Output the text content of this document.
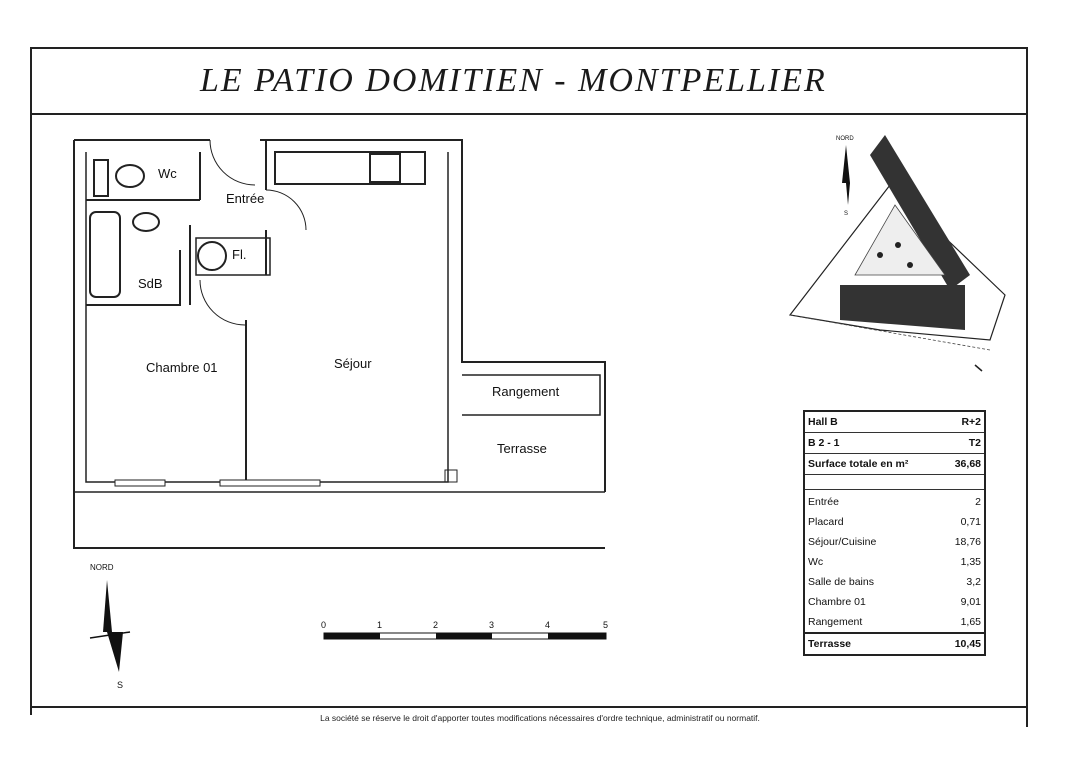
LE PATIO DOMITIEN - MONTPELLIER
Wc
Entrée
SdB
Fl.
Chambre 01	Séjour
Rangement
Terrasse
NORD
S
0	1	2	3	4	5
NORD
S
Hall B	R+2
B 2 - 1	T2
Surface totale en m²	36,68
Entrée	2
Placard	0,71
Séjour/Cuisine	18,76
Wc	1,35
Salle de bains	3,2
Chambre 01	9,01
Rangement	1,65
Terrasse	10,45
La société se réserve le droit d'apporter toutes modifications nécessaires d'ordre technique, administratif ou normatif.
